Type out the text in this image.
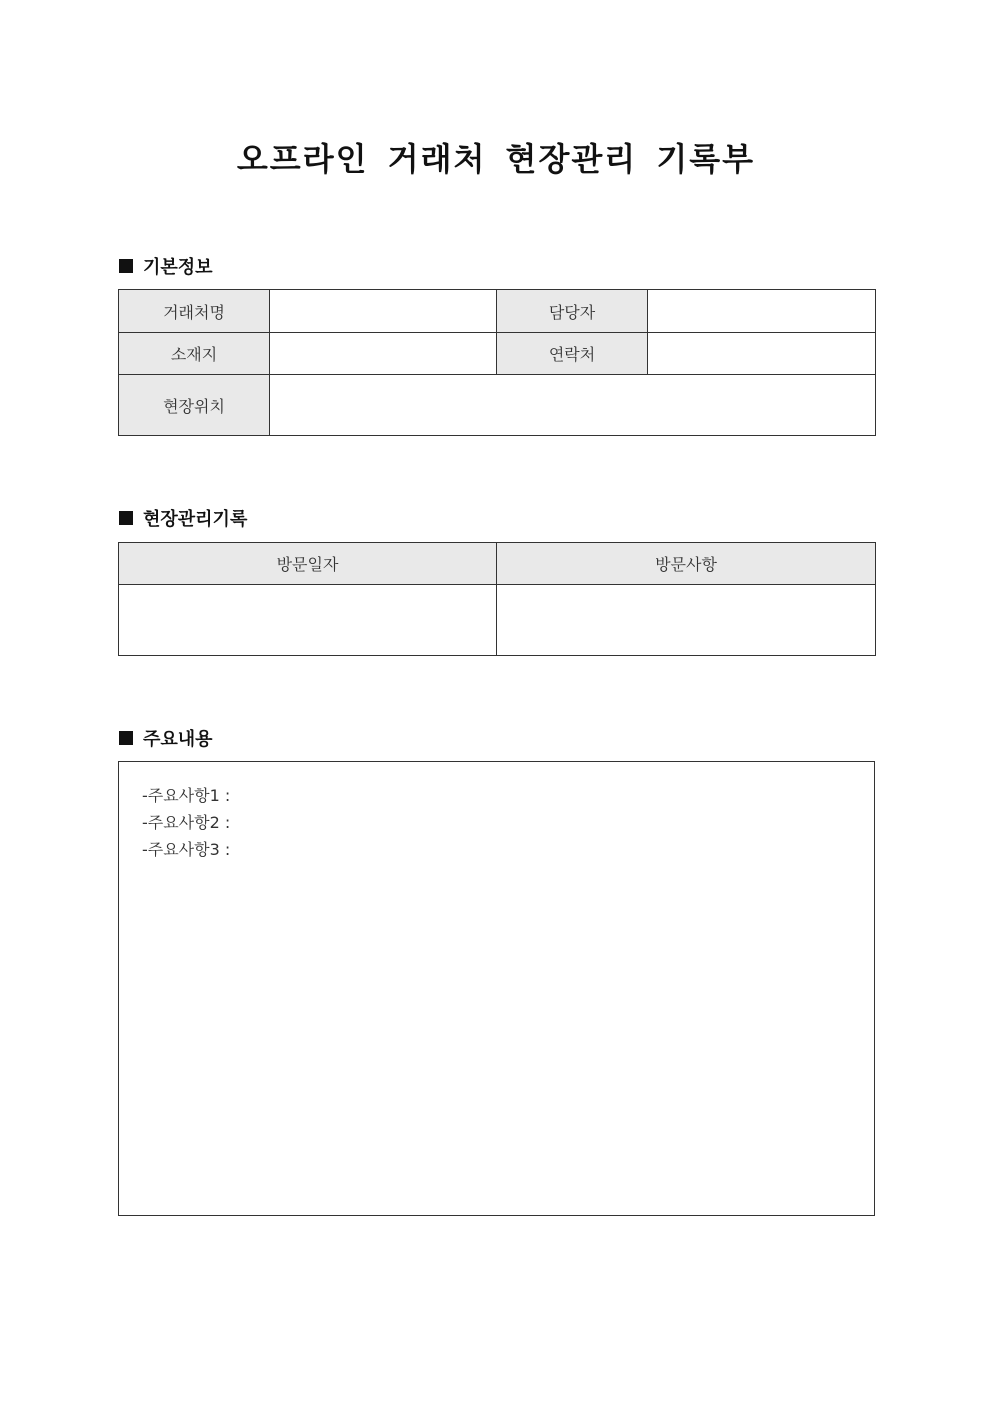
오프라인 거래처 현장관리 기록부
기본정보
거래처명		담당자	
소재지		연락처	
현장위치			
현장관리기록
방문일자	방문사항

주요내용
-주요사항1 :
-주요사항2 :
-주요사항3 :
